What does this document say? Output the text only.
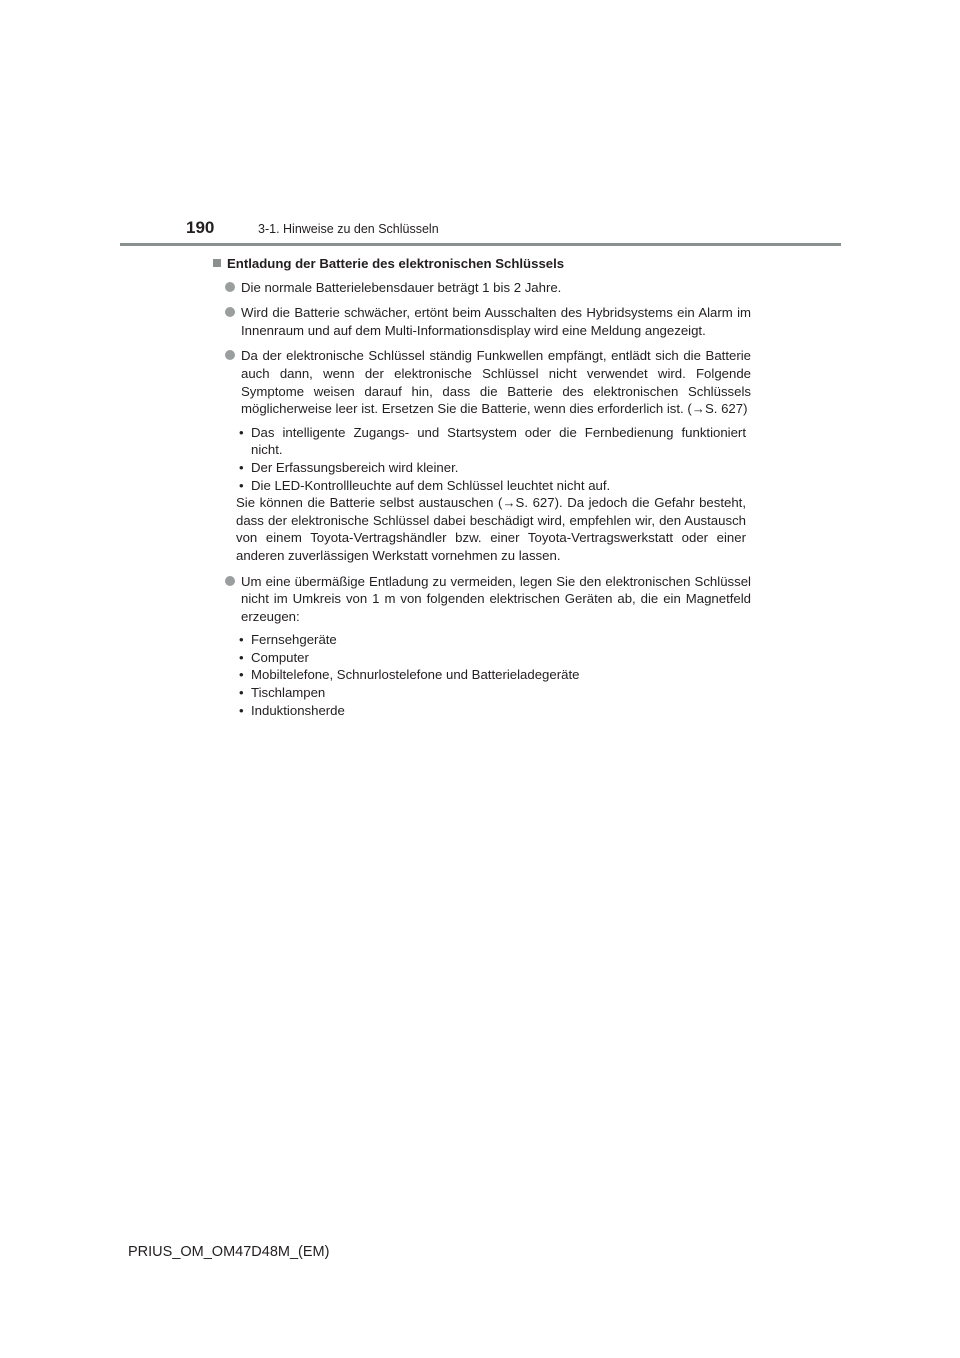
190	3-1. Hinweise zu den Schlüsseln
Entladung der Batterie des elektronischen Schlüssels
Die normale Batterielebensdauer beträgt 1 bis 2 Jahre.
Wird die Batterie schwächer, ertönt beim Ausschalten des Hybridsystems ein Alarm im Innenraum und auf dem Multi-Informationsdisplay wird eine Meldung angezeigt.
Da der elektronische Schlüssel ständig Funkwellen empfängt, entlädt sich die Batterie auch dann, wenn der elektronische Schlüssel nicht verwendet wird. Folgende Symptome weisen darauf hin, dass die Batterie des elektronischen Schlüssels möglicherweise leer ist. Ersetzen Sie die Batterie, wenn dies erforderlich ist. (→S. 627)
• Das intelligente Zugangs- und Startsystem oder die Fernbedienung funktioniert nicht.
• Der Erfassungsbereich wird kleiner.
• Die LED-Kontrollleuchte auf dem Schlüssel leuchtet nicht auf.
Sie können die Batterie selbst austauschen (→S. 627). Da jedoch die Gefahr besteht, dass der elektronische Schlüssel dabei beschädigt wird, empfehlen wir, den Austausch von einem Toyota-Vertragshändler bzw. einer Toyota-Vertragswerkstatt oder einer anderen zuverlässigen Werkstatt vornehmen zu lassen.
Um eine übermäßige Entladung zu vermeiden, legen Sie den elektronischen Schlüssel nicht im Umkreis von 1 m von folgenden elektrischen Geräten ab, die ein Magnetfeld erzeugen:
• Fernsehgeräte
• Computer
• Mobiltelefone, Schnurlostelefone und Batterieladegeräte
• Tischlampen
• Induktionsherde
PRIUS_OM_OM47D48M_(EM)
